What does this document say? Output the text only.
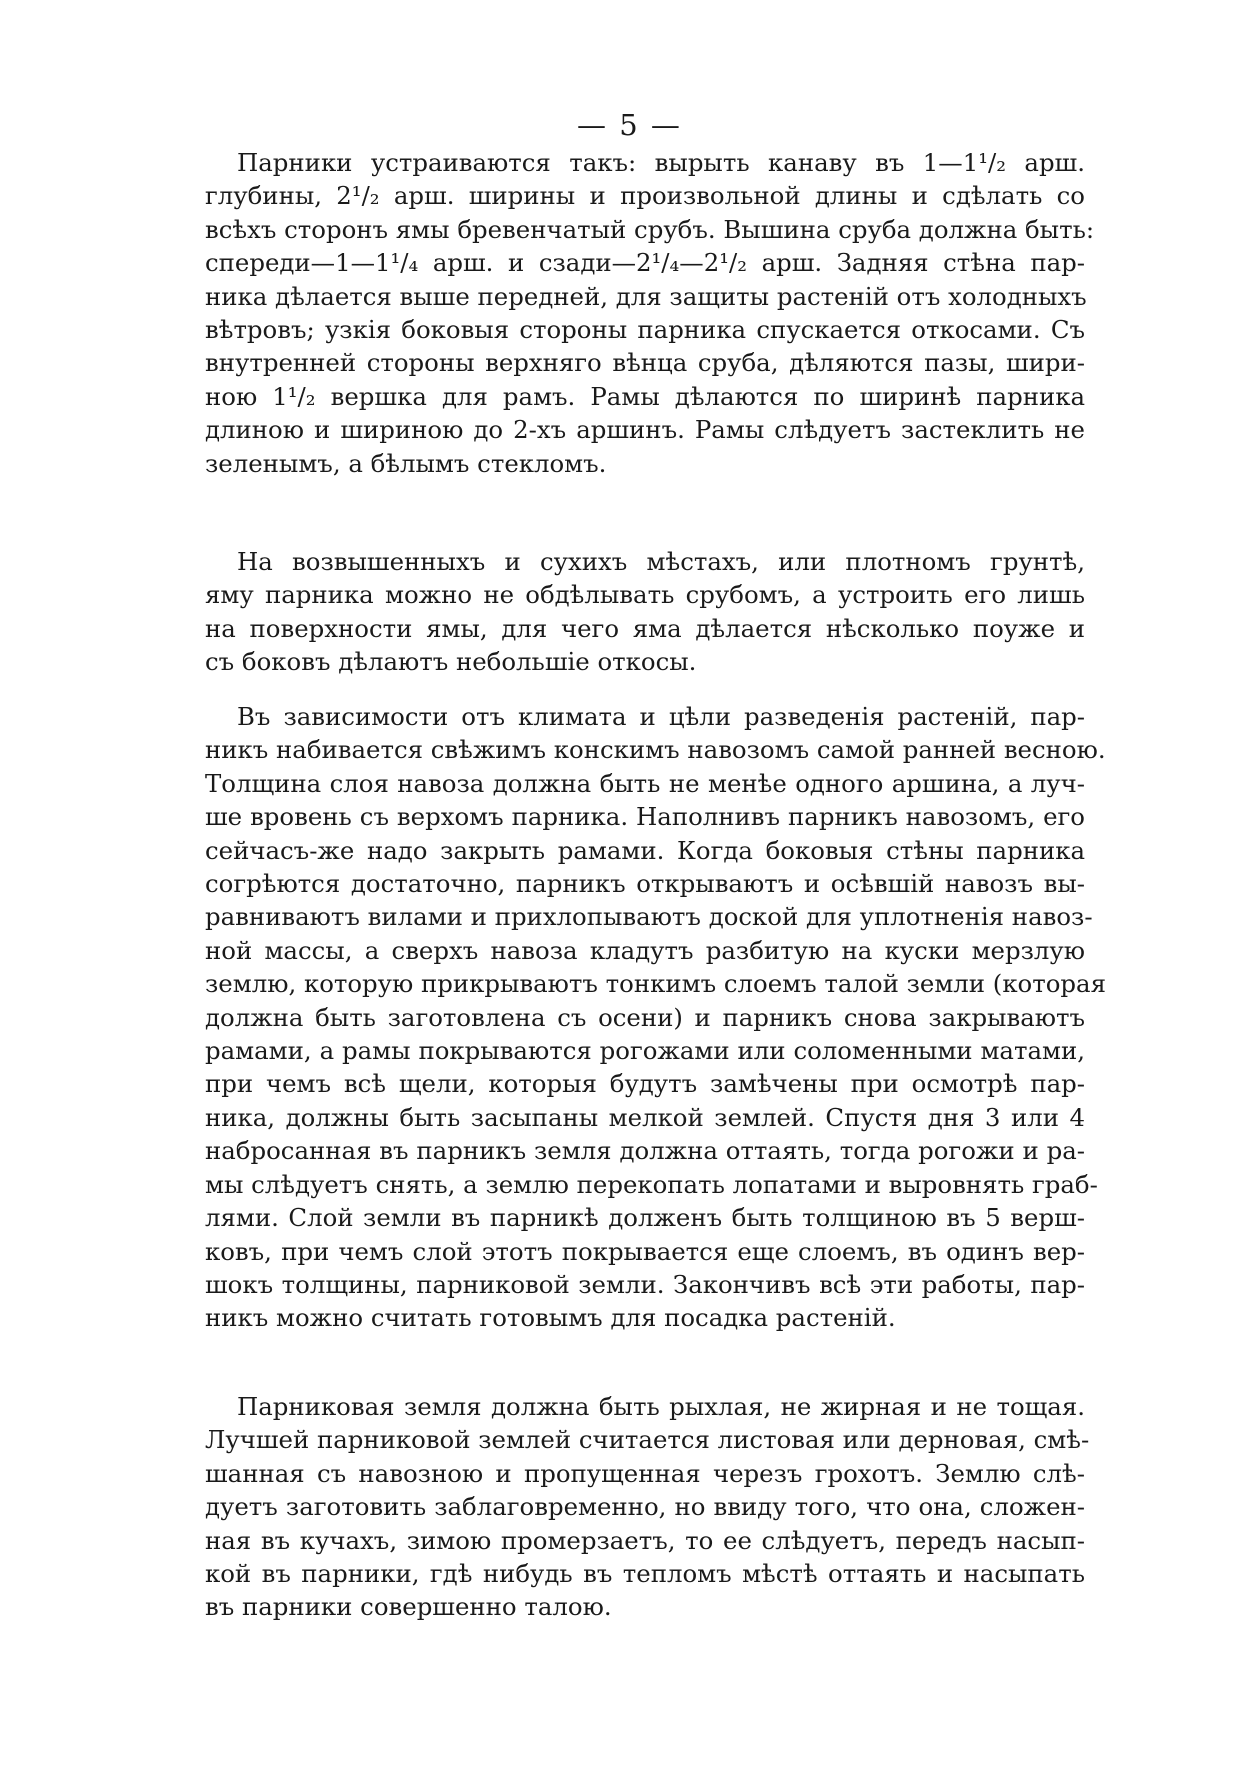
— 5 —
Парники устраиваются такъ: вырыть канаву въ 1—1¹/₂ арш.
глубины, 2¹/₂ арш. ширины и произвольной длины и сдѣлать со
всѣхъ сторонъ ямы бревенчатый срубъ. Вышина сруба должна быть:
спереди—1—1¹/₄ арш. и сзади—2¹/₄—2¹/₂ арш. Задняя стѣна пар-
ника дѣлается выше передней, для защиты растеній отъ холодныхъ
вѣтровъ; узкія боковыя стороны парника спускается откосами. Съ
внутренней стороны верхняго вѣнца сруба, дѣляются пазы, шири-
ною 1¹/₂ вершка для рамъ. Рамы дѣлаются по ширинѣ парника
длиною и шириною до 2-хъ аршинъ. Рамы слѣдуетъ застеклить не
зеленымъ, а бѣлымъ стекломъ.
На возвышенныхъ и сухихъ мѣстахъ, или плотномъ грунтѣ,
яму парника можно не обдѣлывать срубомъ, а устроить его лишь
на поверхности ямы, для чего яма дѣлается нѣсколько поуже и
съ боковъ дѣлаютъ небольшіе откосы.
Въ зависимости отъ климата и цѣли разведенія растеній, пар-
никъ набивается свѣжимъ конскимъ навозомъ самой ранней весною.
Толщина слоя навоза должна быть не менѣе одного аршина, а луч-
ше вровень съ верхомъ парника. Наполнивъ парникъ навозомъ, его
сейчасъ-же надо закрыть рамами. Когда боковыя стѣны парника
согрѣются достаточно, парникъ открываютъ и осѣвшій навозъ вы-
равниваютъ вилами и прихлопываютъ доской для уплотненія навоз-
ной массы, а сверхъ навоза кладутъ разбитую на куски мерзлую
землю, которую прикрываютъ тонкимъ слоемъ талой земли (которая
должна быть заготовлена съ осени) и парникъ снова закрываютъ
рамами, а рамы покрываются рогожами или соломенными матами,
при чемъ всѣ щели, которыя будутъ замѣчены при осмотрѣ пар-
ника, должны быть засыпаны мелкой землей. Спустя дня 3 или 4
набросанная въ парникъ земля должна оттаять, тогда рогожи и ра-
мы слѣдуетъ снять, а землю перекопать лопатами и выровнять граб-
лями. Слой земли въ парникѣ долженъ быть толщиною въ 5 верш-
ковъ, при чемъ слой этотъ покрывается еще слоемъ, въ одинъ вер-
шокъ толщины, парниковой земли. Закончивъ всѣ эти работы, пар-
никъ можно считать готовымъ для посадка растеній.
Парниковая земля должна быть рыхлая, не жирная и не тощая.
Лучшей парниковой землей считается листовая или дерновая, смѣ-
шанная съ навозною и пропущенная черезъ грохотъ. Землю слѣ-
дуетъ заготовить заблаговременно, но ввиду того, что она, сложен-
ная въ кучахъ, зимою промерзаетъ, то ее слѣдуетъ, передъ насып-
кой въ парники, гдѣ нибудь въ тепломъ мѣстѣ оттаять и насыпать
въ парники совершенно талою.
